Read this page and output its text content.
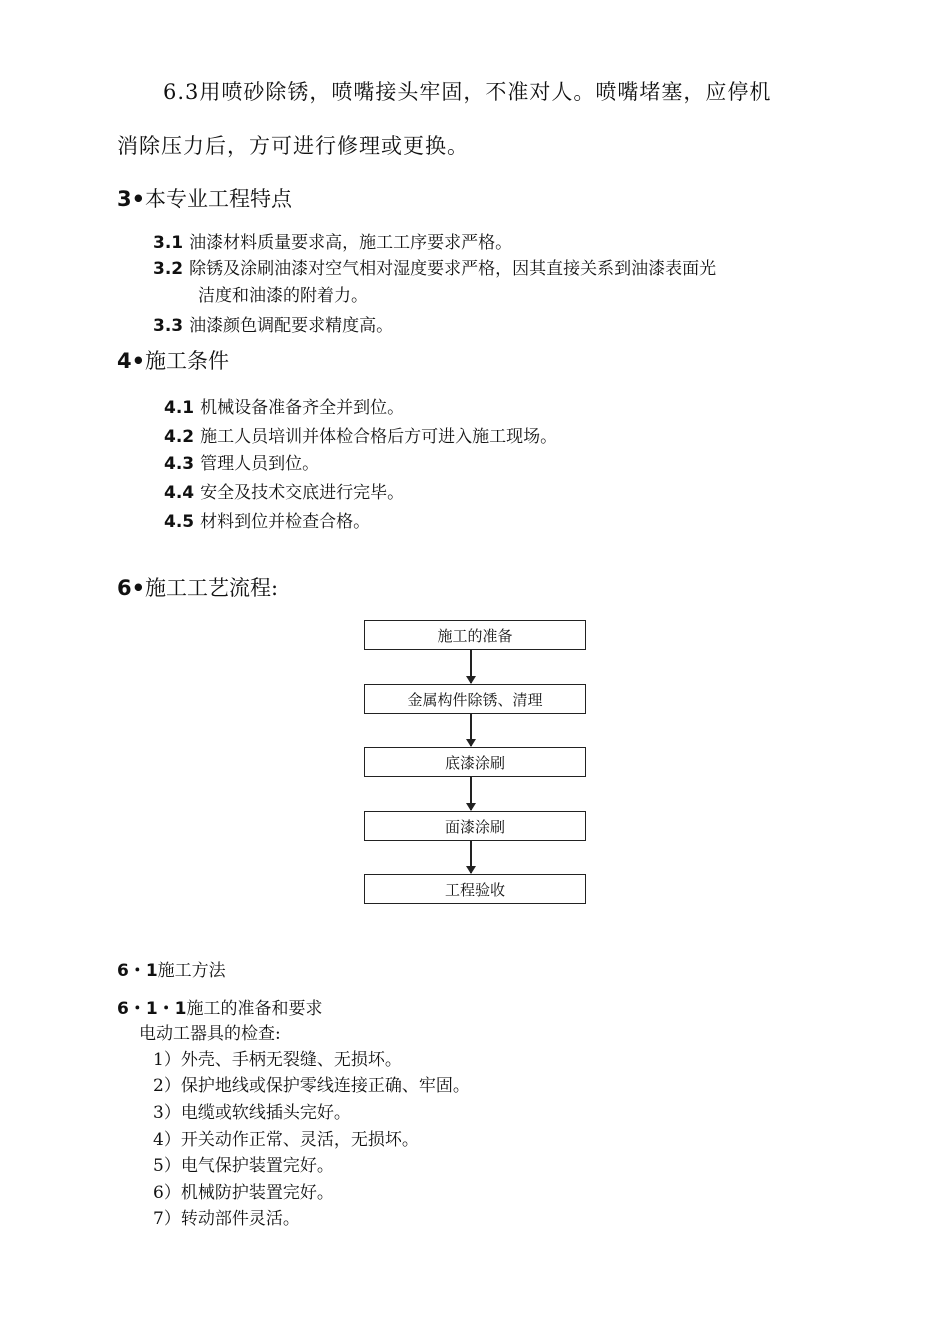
6.3用喷砂除锈，喷嘴接头牢固，不准对人。喷嘴堵塞，应停机
消除压力后，方可进行修理或更换。
3•本专业工程特点
3.1 油漆材料质量要求高，施工工序要求严格。
3.2 除锈及涂刷油漆对空气相对湿度要求严格，因其直接关系到油漆表面光
洁度和油漆的附着力。
3.3 油漆颜色调配要求精度高。
4•施工条件
4.1 机械设备准备齐全并到位。
4.2 施工人员培训并体检合格后方可进入施工现场。
4.3 管理人员到位。
4.4 安全及技术交底进行完毕。
4.5 材料到位并检查合格。
6•施工工艺流程:
施工的准备
金属构件除锈、清理
底漆涂刷
面漆涂刷
工程验收
6・1施工方法
6・1・1施工的准备和要求
电动工器具的检查:
1）外壳、手柄无裂缝、无损坏。
2）保护地线或保护零线连接正确、牢固。
3）电缆或软线插头完好。
4）开关动作正常、灵活，无损坏。
5）电气保护装置完好。
6）机械防护装置完好。
7）转动部件灵活。
